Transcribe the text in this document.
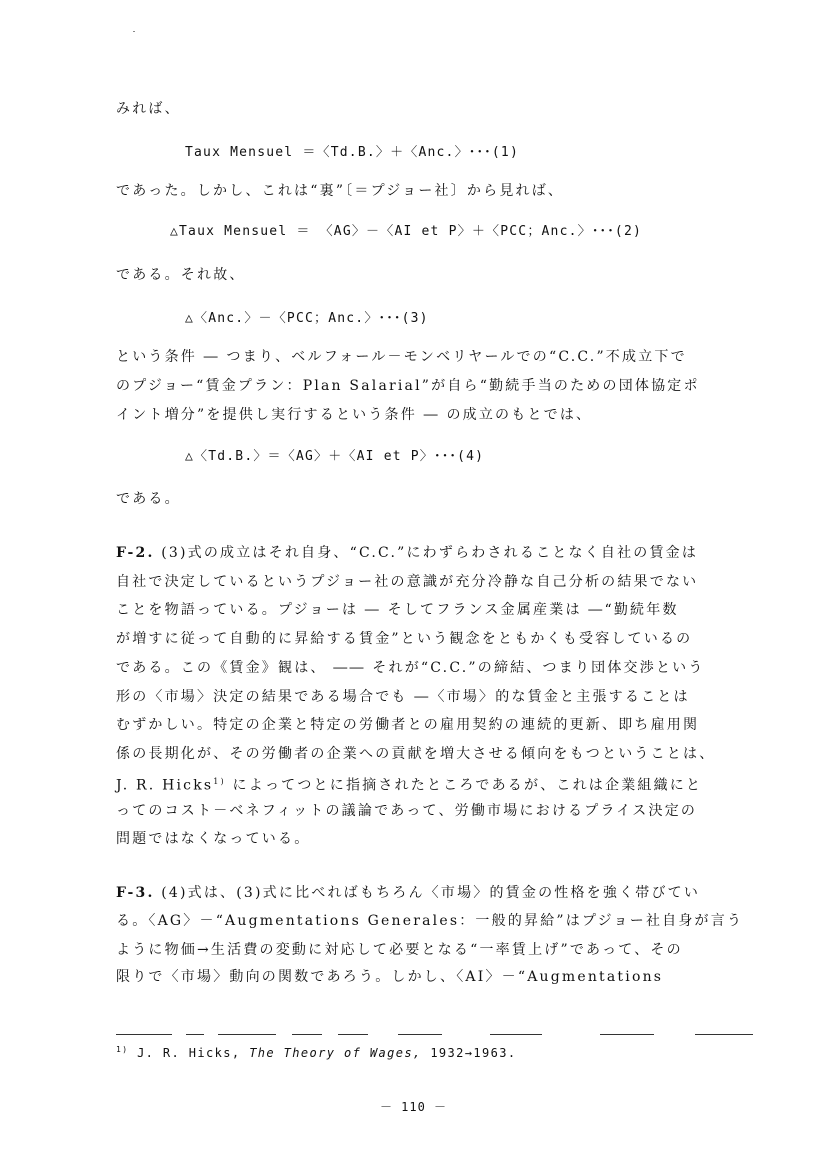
みれば、
Taux Mensuel ＝〈Td.B.〉＋〈Anc.〉･･･(1)
であった。しかし、これは“裏”〔＝プジョー社〕から見れば、
△Taux Mensuel ＝ 〈AG〉－〈AI et P〉＋〈PCC；Anc.〉･･･(2)
である。それ故、
△〈Anc.〉－〈PCC；Anc.〉･･･(3)
という条件 ― つまり、ベルフォール－モンベリヤールでの“C.C.”不成立下で
のプジョー“賃金プラン：Plan Salarial”が自ら“勤続手当のための団体協定ポ
イント増分”を提供し実行するという条件 ― の成立のもとでは、
△〈Td.B.〉＝〈AG〉＋〈AI et P〉･･･(4)
である。
F-2. (3)式の成立はそれ自身、“C.C.”にわずらわされることなく自社の賃金は
自社で決定しているというプジョー社の意識が充分冷静な自己分析の結果でない
ことを物語っている。プジョーは ― そしてフランス金属産業は ―“勤続年数
が増すに従って自動的に昇給する賃金”という観念をともかくも受容しているの
である。この《賃金》観は、 ―― それが“C.C.”の締結、つまり団体交渉という
形の〈市場〉決定の結果である場合でも ―〈市場〉的な賃金と主張することは
むずかしい。特定の企業と特定の労働者との雇用契約の連続的更新、即ち雇用関
係の長期化が、その労働者の企業への貢献を増大させる傾向をもつということは、
J. R. Hicks$^{1)}$ によってつとに指摘されたところであるが、これは企業組織にと
ってのコスト－ベネフィットの議論であって、労働市場におけるプライス決定の
問題ではなくなっている。
F-3. (4)式は、(3)式に比べればもちろん〈市場〉的賃金の性格を強く帯びてい
る。〈AG〉－“Augmentations Generales：一般的昇給”はプジョー社自身が言う
ように物価→生活費の変動に対応して必要となる“一率賃上げ”であって、その
限りで〈市場〉動向の関数であろう。しかし、〈AI〉－“Augmentations
$^{1)}$ J. R. Hicks, The Theory of Wages, 1932→1963.
－ 110 －
